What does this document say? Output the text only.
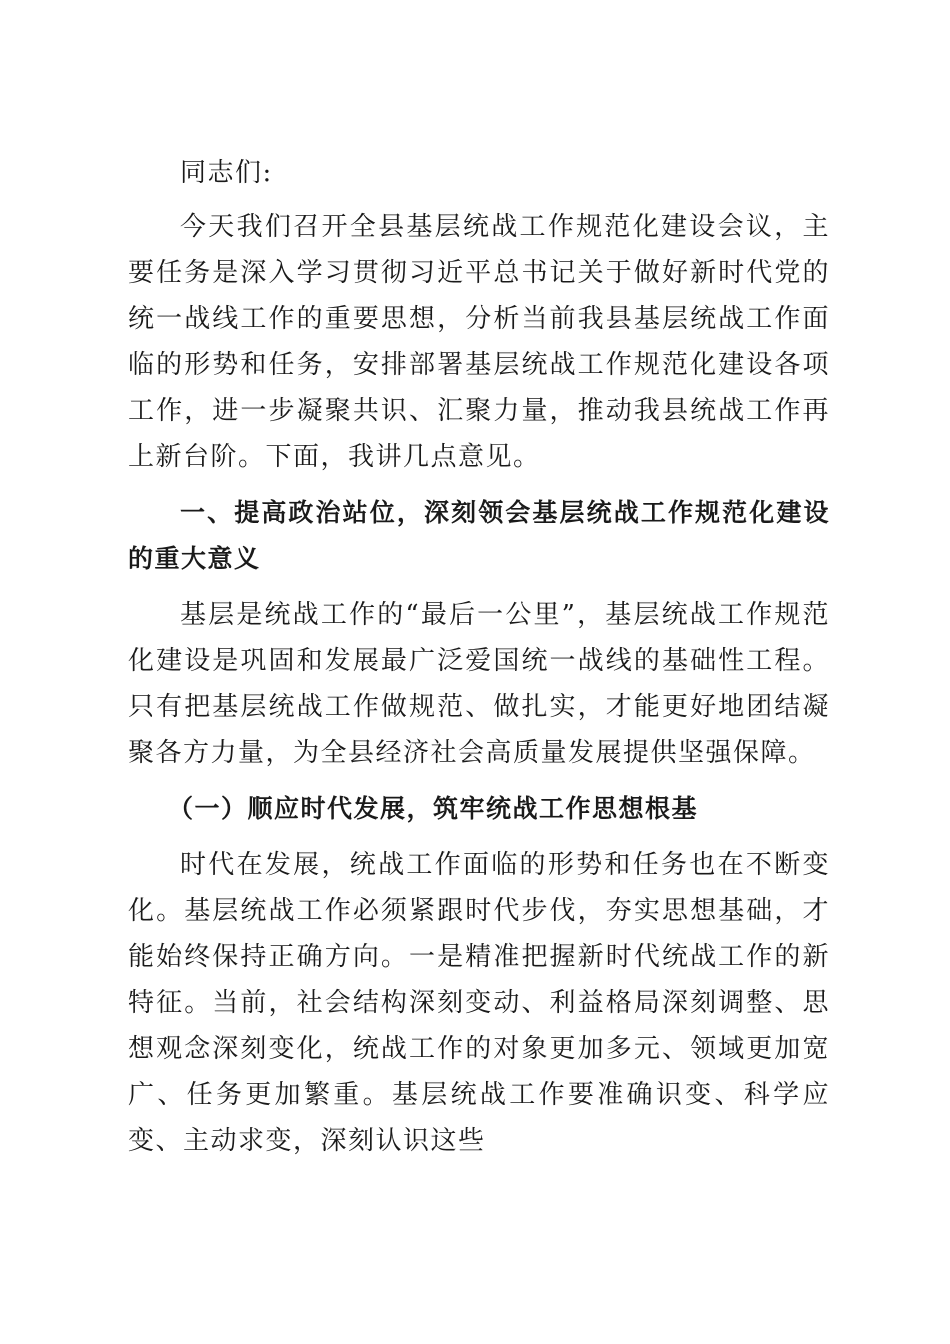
同志们:

今天我们召开全县基层统战工作规范化建设会议，主要任务是深入学习贯彻习近平总书记关于做好新时代党的统一战线工作的重要思想，分析当前我县基层统战工作面临的形势和任务，安排部署基层统战工作规范化建设各项工作，进一步凝聚共识、汇聚力量，推动我县统战工作再上新台阶。下面，我讲几点意见。

一、提高政治站位，深刻领会基层统战工作规范化建设的重大意义

基层是统战工作的“最后一公里”，基层统战工作规范化建设是巩固和发展最广泛爱国统一战线的基础性工程。只有把基层统战工作做规范、做扎实，才能更好地团结凝聚各方力量，为全县经济社会高质量发展提供坚强保障。

（一）顺应时代发展，筑牢统战工作思想根基

时代在发展，统战工作面临的形势和任务也在不断变化。基层统战工作必须紧跟时代步伐，夯实思想基础，才能始终保持正确方向。一是精准把握新时代统战工作的新特征。当前，社会结构深刻变动、利益格局深刻调整、思想观念深刻变化，统战工作的对象更加多元、领域更加宽广、任务更加繁重。基层统战工作要准确识变、科学应变、主动求变，深刻认识这些
